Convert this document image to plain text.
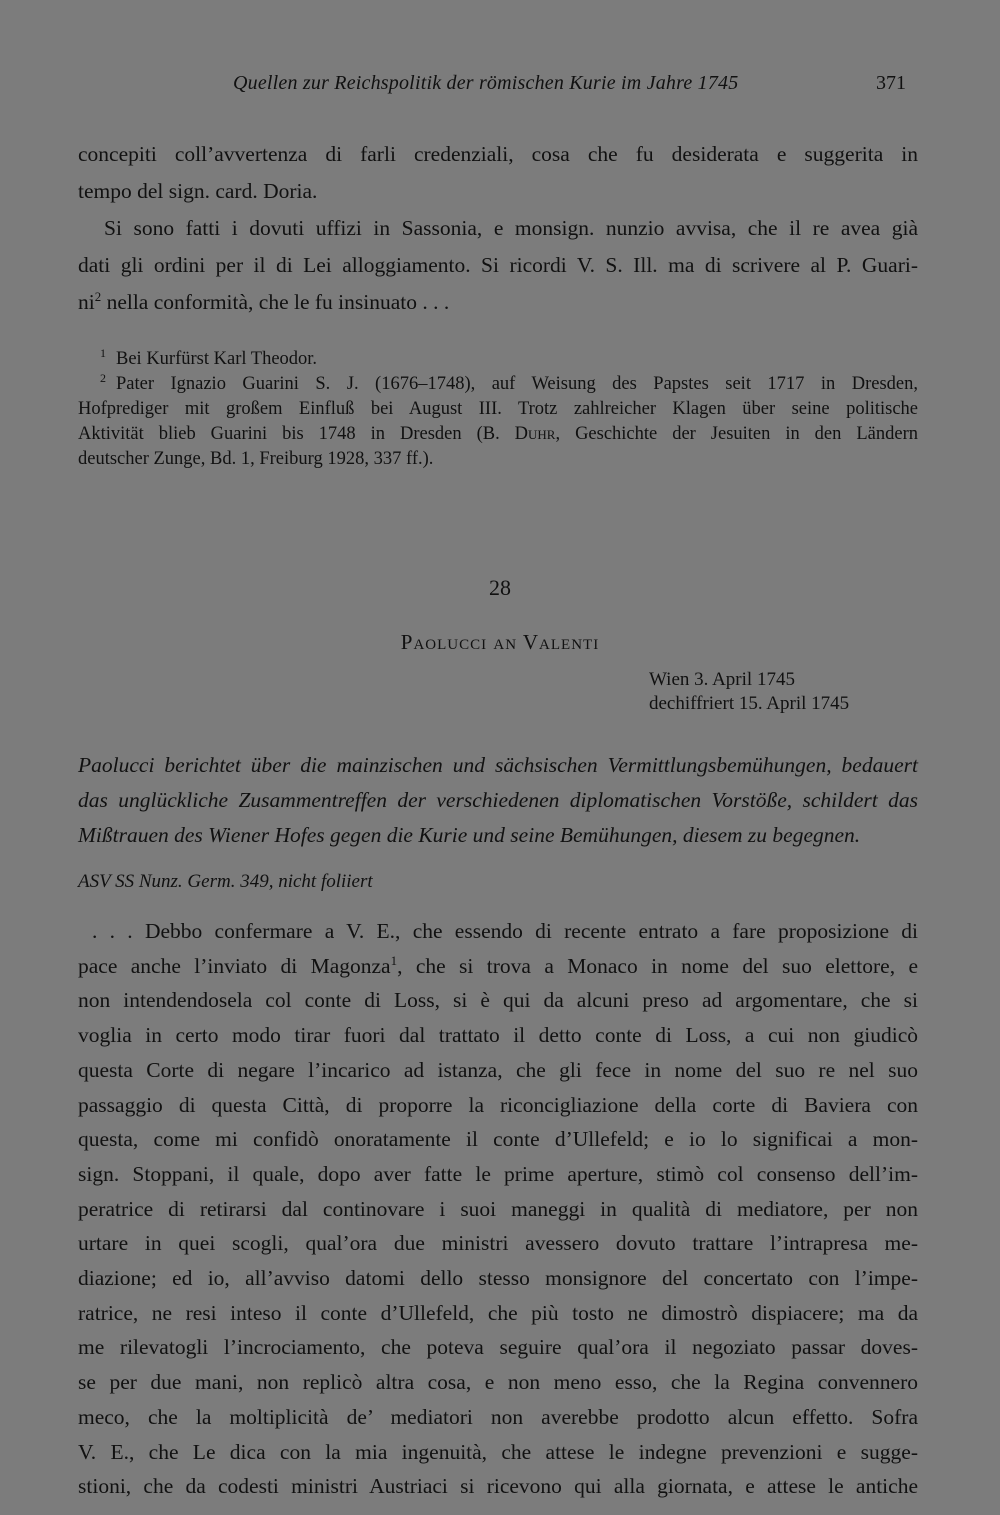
Quellen zur Reichspolitik der römischen Kurie im Jahre 1745	371
concepiti coll’avvertenza di farli credenziali, cosa che fu desiderata e suggerita in
tempo del sign. card. Doria.
Si sono fatti i dovuti uffizi in Sassonia, e monsign. nunzio avvisa, che il re avea già
dati gli ordini per il di Lei alloggiamento. Si ricordi V. S. Ill. ma di scrivere al P. Guari-
$ni^2$ nella conformità, che le fu insinuato . . .

$^1$ Bei Kurfürst Karl Theodor.

$^2$ Pater Ignazio Guarini S. J. (1676–1748), auf Weisung des Papstes seit 1717 in Dresden,

Hofprediger mit großem Einfluß bei August III. Trotz zahlreicher Klagen über seine politische

Aktivität blieb Guarini bis 1748 in Dresden (B. Duhr, Geschichte der Jesuiten in den Ländern

deutscher Zunge, Bd. 1, Freiburg 1928, 337 ff.).

28
Paolucci an Valenti
Wien 3. April 1745
dechiffriert 15. April 1745
Paolucci berichtet über die mainzischen und sächsischen Vermittlungsbemühungen, bedauert
das unglückliche Zusammentreffen der verschiedenen diplomatischen Vorstöße, schildert das
Mißtrauen des Wiener Hofes gegen die Kurie und seine Bemühungen, diesem zu begegnen.
ASV SS Nunz. Germ. 349, nicht foliiert
. . . Debbo confermare a V. E., che essendo di recente entrato a fare proposizione di
pace anche l’inviato di Magonza$^1$, che si trova a Monaco in nome del suo elettore, e
non intendendosela col conte di Loss, si è qui da alcuni preso ad argomentare, che si
voglia in certo modo tirar fuori dal trattato il detto conte di Loss, a cui non giudicò
questa Corte di negare l’incarico ad istanza, che gli fece in nome del suo re nel suo
passaggio di questa Città, di proporre la riconcigliazione della corte di Baviera con
questa, come mi confidò onoratamente il conte d’Ullefeld; e io lo significai a mon-
sign. Stoppani, il quale, dopo aver fatte le prime aperture, stimò col consenso dell’im-
peratrice di retirarsi dal continovare i suoi maneggi in qualità di mediatore, per non
urtare in quei scogli, qual’ora due ministri avessero dovuto trattare l’intrapresa me-
diazione; ed io, all’avviso datomi dello stesso monsignore del concertato con l’impe-
ratrice, ne resi inteso il conte d’Ullefeld, che più tosto ne dimostrò dispiacere; ma da
me rilevatogli l’incrociamento, che poteva seguire qual’ora il negoziato passar doves-
se per due mani, non replicò altra cosa, e non meno esso, che la Regina convennero
meco, che la moltiplicità de’ mediatori non averebbe prodotto alcun effetto. Sofra
V. E., che Le dica con la mia ingenuità, che attese le indegne prevenzioni e sugge-
stioni, che da codesti ministri Austriaci si ricevono qui alla giornata, e attese le antiche
